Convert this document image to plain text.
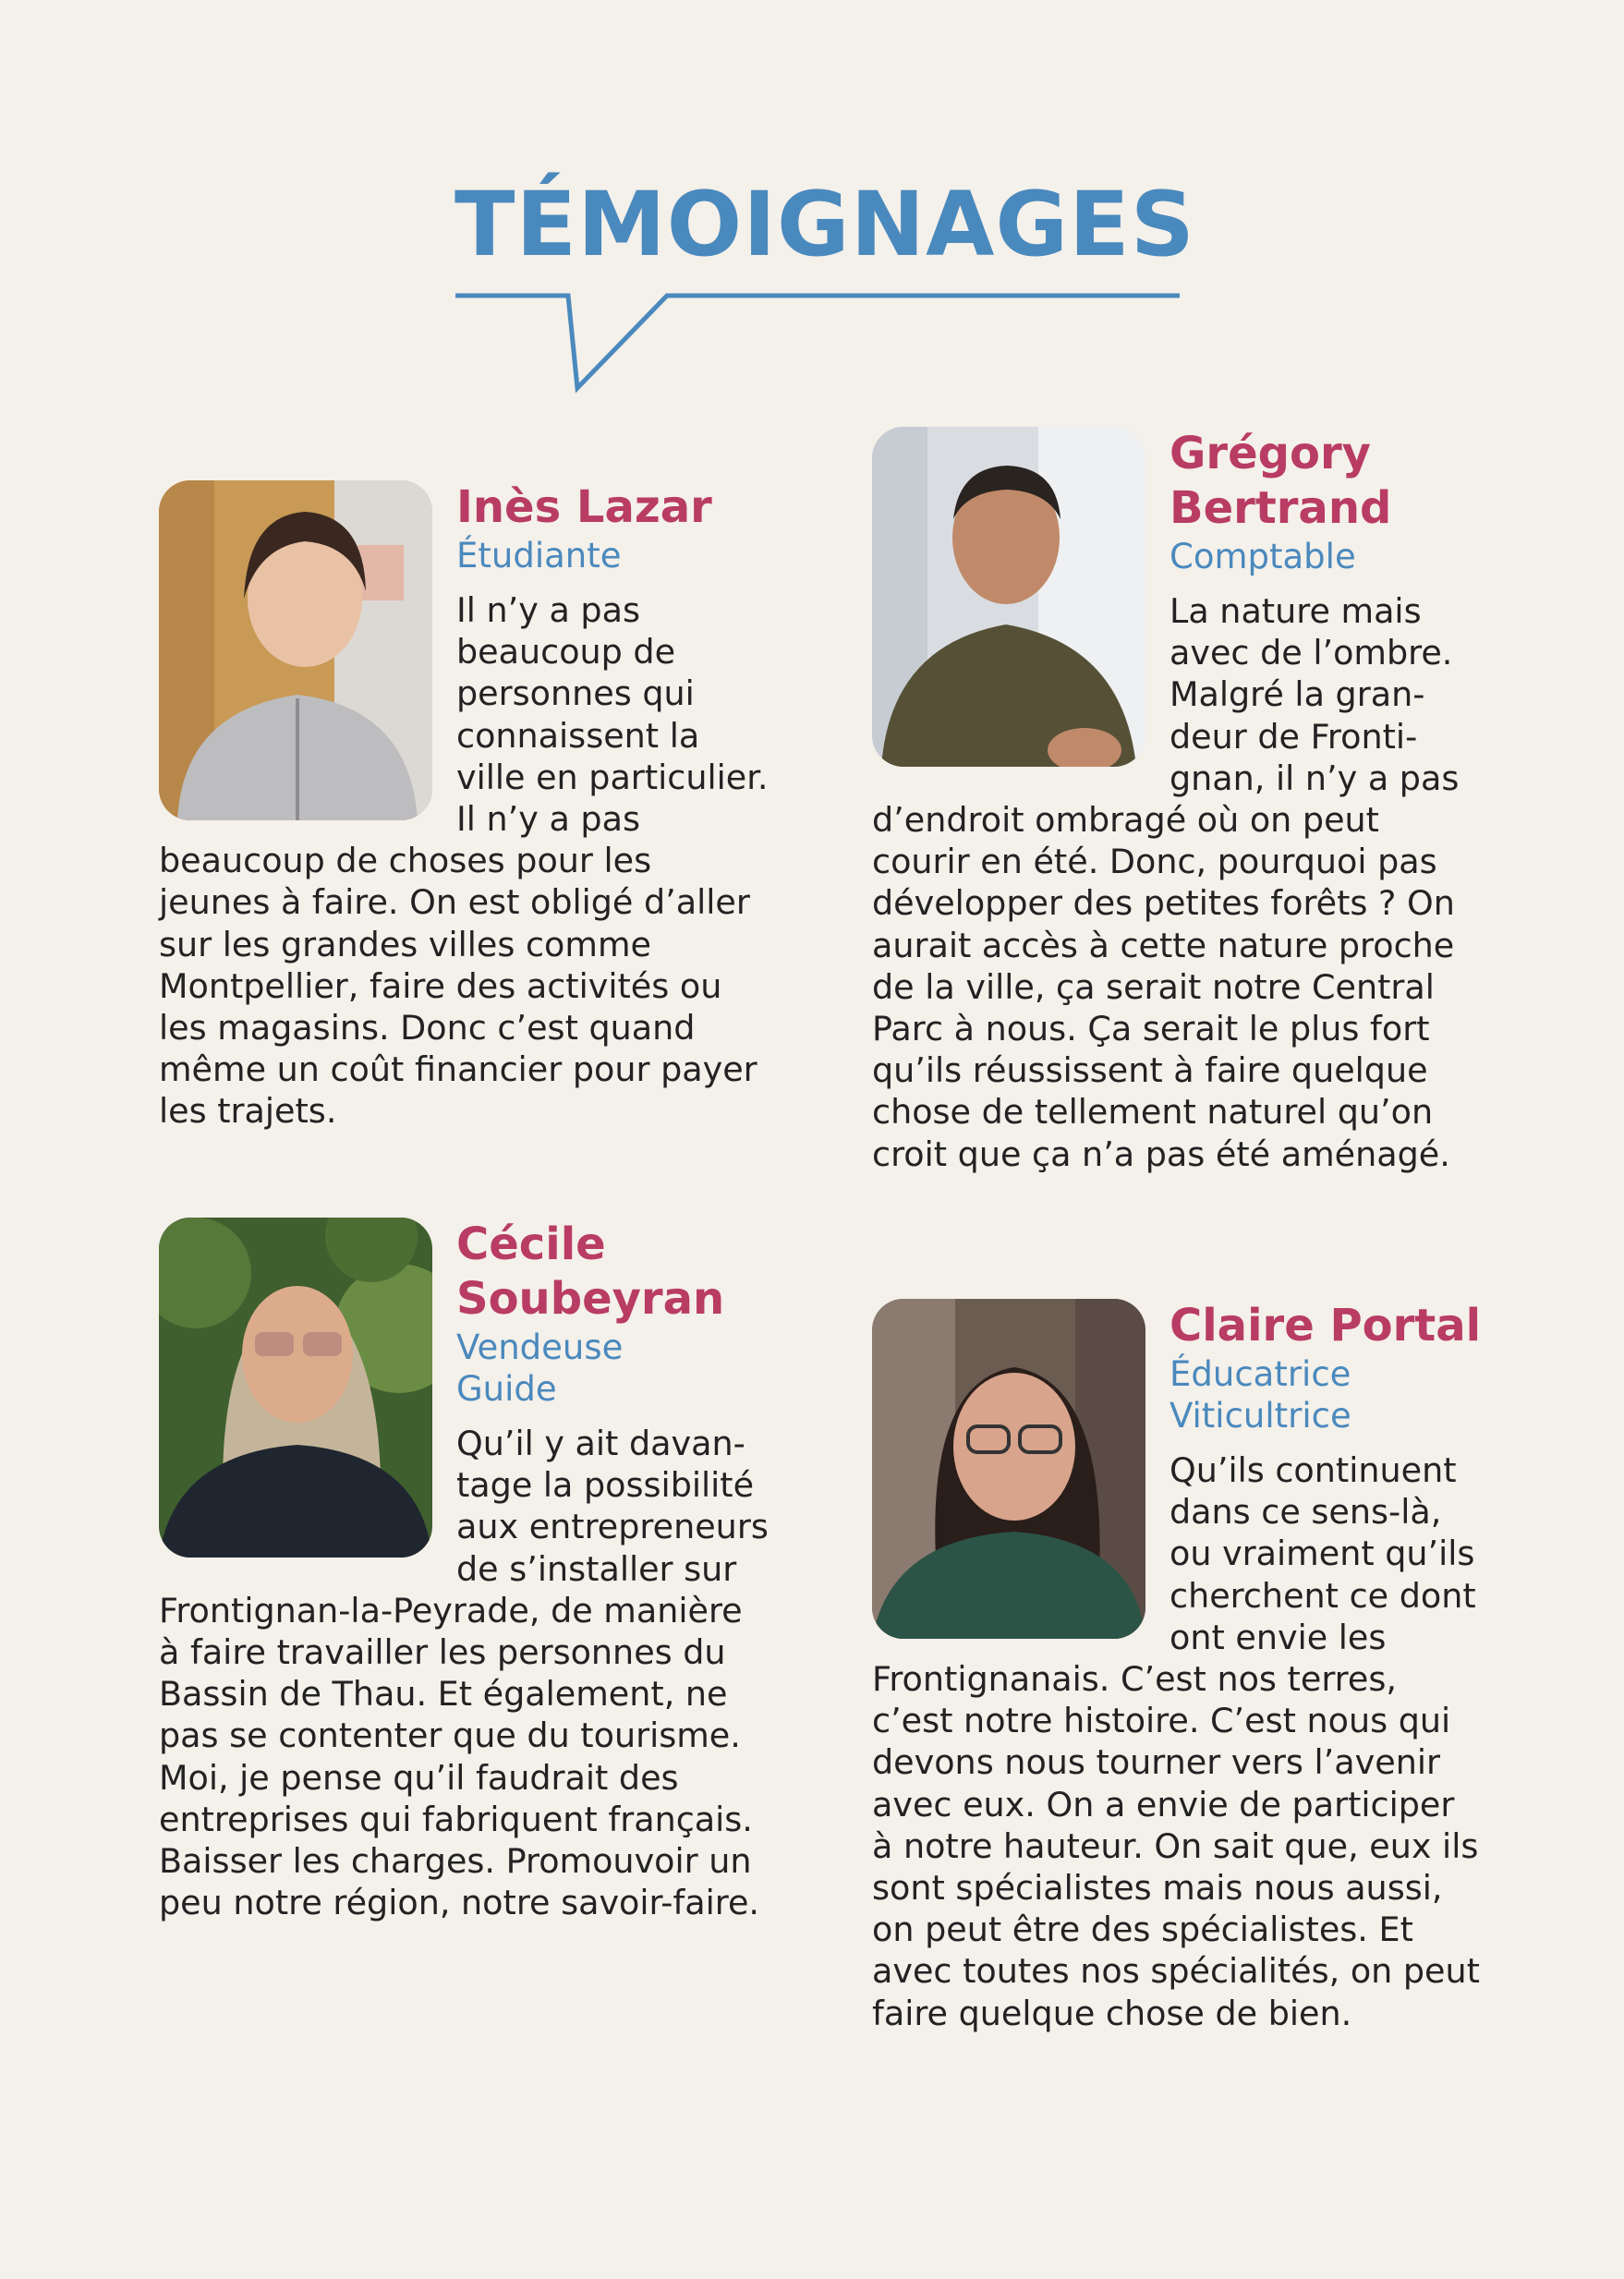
TÉMOIGNAGES
Inès Lazar

Étudiante

Il n’y a pas beaucoup de personnes qui connaissent la ville en particulier. Il n’y a pas beaucoup de choses pour les jeunes à faire. On est obligé d’aller sur les grandes villes comme Montpellier, faire des activités ou les magasins. Donc c’est quand même un coût financier pour payer les trajets.

Grégory Bertrand

Comptable

La nature mais avec de l’ombre. Malgré la grandeur de Frontignan, il n’y a pas d’endroit ombragé où on peut courir en été. Donc, pourquoi pas développer des petites forêts ? On aurait accès à cette nature proche de la ville, ça serait notre Central Parc à nous. Ça serait le plus fort qu’ils réussissent à faire quelque chose de tellement naturel qu’on croit que ça n’a pas été aménagé.

Cécile Soubeyran

Vendeuse

Guide

Qu’il y ait davantage la possibilité aux entrepreneurs de s’installer sur Frontignan-la-Peyrade, de manière à faire travailler les personnes du Bassin de Thau. Et également, ne pas se contenter que du tourisme. Moi, je pense qu’il faudrait des entreprises qui fabriquent français. Baisser les charges. Promouvoir un peu notre région, notre savoir-faire.

Claire Portal

Éducatrice

Viticultrice

Qu’ils continuent dans ce sens-là, ou vraiment qu’ils cherchent ce dont ont envie les Frontignanais. C’est nos terres, c’est notre histoire. C’est nous qui devons nous tourner vers l’avenir avec eux. On a envie de participer à notre hauteur. On sait que, eux ils sont spécialistes mais nous aussi, on peut être des spécialistes. Et avec toutes nos spécialités, on peut faire quelque chose de bien.
